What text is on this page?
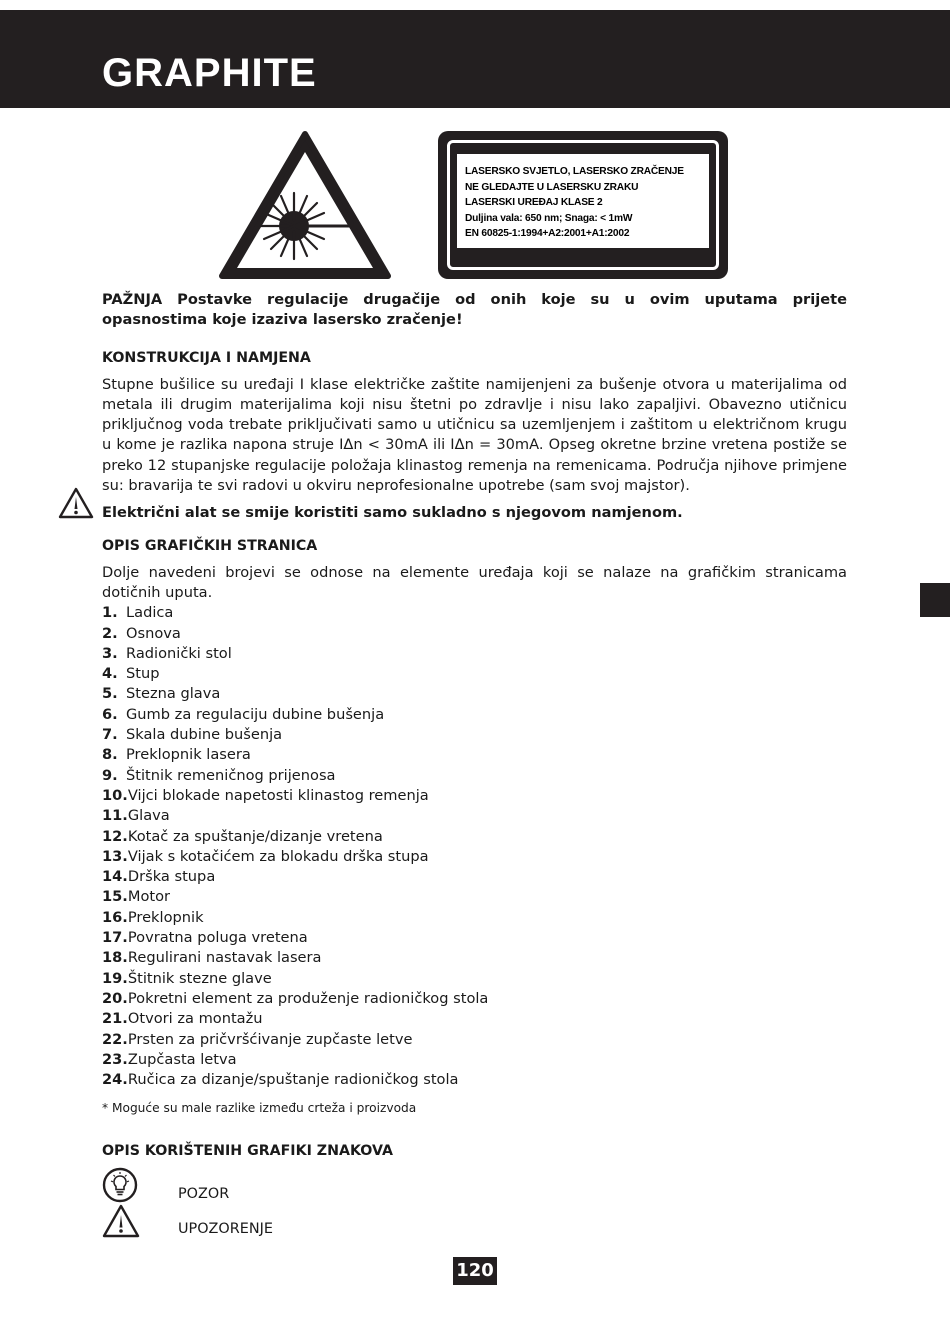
GRAPHITE
LASERSKO SVJETLO, LASERSKO ZRAČENJE
NE GLEDAJTE U LASERSKU ZRAKU
LASERSKI UREĐAJ KLASE 2
Duljina vala: 650 nm; Snaga: < 1mW
EN 60825-1:1994+A2:2001+A1:2002
PAŽNJA Postavke regulacije drugačije od onih koje su u ovim uputama prijete opasnostima koje izaziva lasersko zračenje!
KONSTRUKCIJA I NAMJENA
Stupne bušilice su uređaji I klase električke zaštite namijenjeni za bušenje otvora u materijalima od metala ili drugim materijalima koji nisu štetni po zdravlje i nisu lako zapaljivi. Obavezno utičnicu priključnog voda trebate priključivati samo u utičnicu sa uzemljenjem i zaštitom u električnom krugu u kome je razlika napona struje IΔn < 30mA ili IΔn = 30mA. Opseg okretne brzine vretena postiže se preko 12 stupanjske regulacije položaja klinastog remenja na remenicama. Područja njihove primjene su: bravarija te svi radovi u okviru neprofesionalne upotrebe (sam svoj majstor).
Električni alat se smije koristiti samo sukladno s njegovom namjenom.
OPIS GRAFIČKIH STRANICA
Dolje navedeni brojevi se odnose na elemente uređaja koji se nalaze na grafičkim stranicama dotičnih uputa.
1. Ladica
2. Osnova
3. Radionički stol
4. Stup
5. Stezna glava
6. Gumb za regulaciju dubine bušenja
7. Skala dubine bušenja
8. Preklopnik lasera
9. Štitnik remeničnog prijenosa
10.Vijci blokade napetosti klinastog remenja
11.Glava
12.Kotač za spuštanje/dizanje vretena
13.Vijak s kotačićem za blokadu drška stupa
14.Drška stupa
15.Motor
16.Preklopnik
17.Povratna poluga vretena
18.Regulirani nastavak lasera
19.Štitnik stezne glave
20.Pokretni element za produženje radioničkog stola
21.Otvori za montažu
22.Prsten za pričvršćivanje zupčaste letve
23.Zupčasta letva
24.Ručica za dizanje/spuštanje radioničkog stola
* Moguće su male razlike između crteža i proizvoda
OPIS KORIŠTENIH GRAFIKI ZNAKOVA
POZOR
UPOZORENJE
120
